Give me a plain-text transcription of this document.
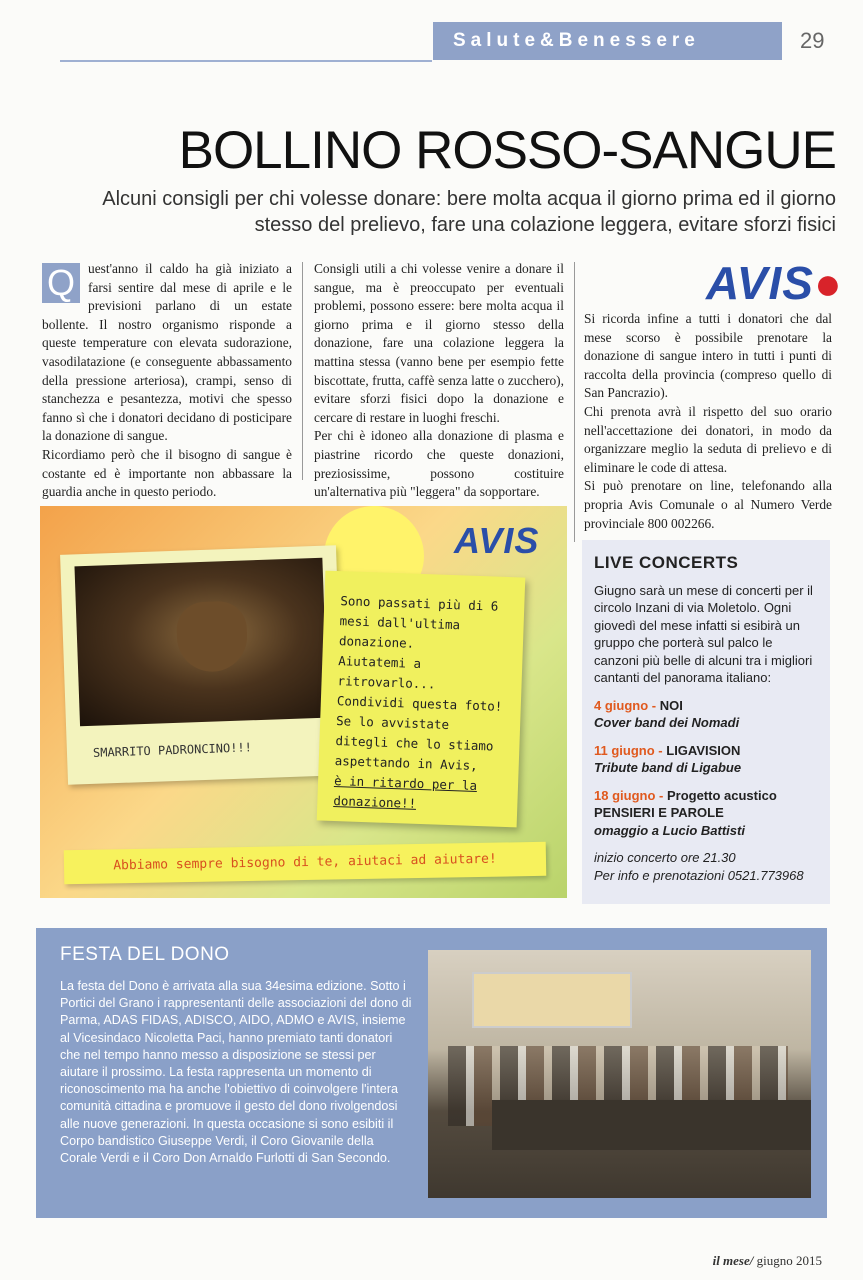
Salute&Benessere	29
BOLLINO ROSSO-SANGUE
Alcuni consigli per chi volesse donare: bere molta acqua il giorno prima ed il giorno stesso del prelievo, fare una colazione leggera, evitare sforzi fisici
Q uest'anno il caldo ha già iniziato a farsi sentire dal mese di aprile e le previsioni parlano di un estate bollente. Il nostro organismo risponde a queste temperature con elevata sudorazione, vasodilatazione (e conseguente abbassamento della pressione arteriosa), crampi, senso di stanchezza e pesantezza, motivi che spesso fanno sì che i donatori decidano di posticipare la donazione di sangue.

Ricordiamo però che il bisogno di sangue è costante ed è importante non abbassare la guardia anche in questo periodo.

Consigli utili a chi volesse venire a donare il sangue, ma è preoccupato per eventuali problemi, possono essere: bere molta acqua il giorno prima e il giorno stesso della donazione, fare una colazione leggera la mattina stessa (vanno bene per esempio fette biscottate, frutta, caffè senza latte o zucchero), evitare sforzi fisici dopo la donazione e cercare di restare in luoghi freschi.

Per chi è idoneo alla donazione di plasma e piastrine ricordo che queste donazioni, preziosissime, possono costituire un'alternativa più "leggera" da sopportare.

AVIS●

Si ricorda infine a tutti i donatori che dal mese scorso è possibile prenotare la donazione di sangue intero in tutti i punti di raccolta della provincia (compreso quello di San Pancrazio).

Chi prenota avrà il rispetto del suo orario nell'accettazione dei donatori, in modo da organizzare meglio la seduta di prelievo e di eliminare le code di attesa.

Si può prenotare on line, telefonando alla propria Avis Comunale o al Numero Verde provinciale 800 002266.

AVIS
SMARRITO PADRONCINO!!!

Sono passati più di 6 mesi dall'ultima donazione.

Aiutatemi a ritrovarlo... Condividi questa foto!

Se lo avvistate ditegli che lo stiamo aspettando in Avis,

è in ritardo per la donazione!!

Abbiamo sempre bisogno di te, aiutaci ad aiutare!
LIVE CONCERTS

Giugno sarà un mese di concerti per il circolo Inzani di via Moletolo. Ogni giovedì del mese infatti si esibirà un gruppo che porterà sul palco le canzoni più belle di alcuni tra i migliori cantanti del panorama italiano:

4 giugno - NOI
Cover band dei Nomadi

11 giugno - LIGAVISION
Tribute band di Ligabue

18 giugno - Progetto acustico PENSIERI E PAROLE
omaggio a Lucio Battisti

inizio concerto ore 21.30

Per info e prenotazioni 0521.773968

FESTA DEL DONO
La festa del Dono è arrivata alla sua 34esima edizione. Sotto i Portici del Grano i rappresentanti delle associazioni del dono di Parma, ADAS FIDAS, ADISCO, AIDO, ADMO e AVIS, insieme al Vicesindaco Nicoletta Paci, hanno premiato tanti donatori che nel tempo hanno messo a disposizione se stessi per aiutare il prossimo. La festa rappresenta un momento di riconoscimento ma ha anche l'obiettivo di coinvolgere l'intera comunità cittadina e promuove il gesto del dono rivolgendosi alle nuove generazioni. In questa occasione si sono esibiti il Corpo bandistico Giuseppe Verdi, il Coro Giovanile della Corale Verdi e il Coro Don Arnaldo Furlotti di San Secondo.
il mese/ giugno 2015
